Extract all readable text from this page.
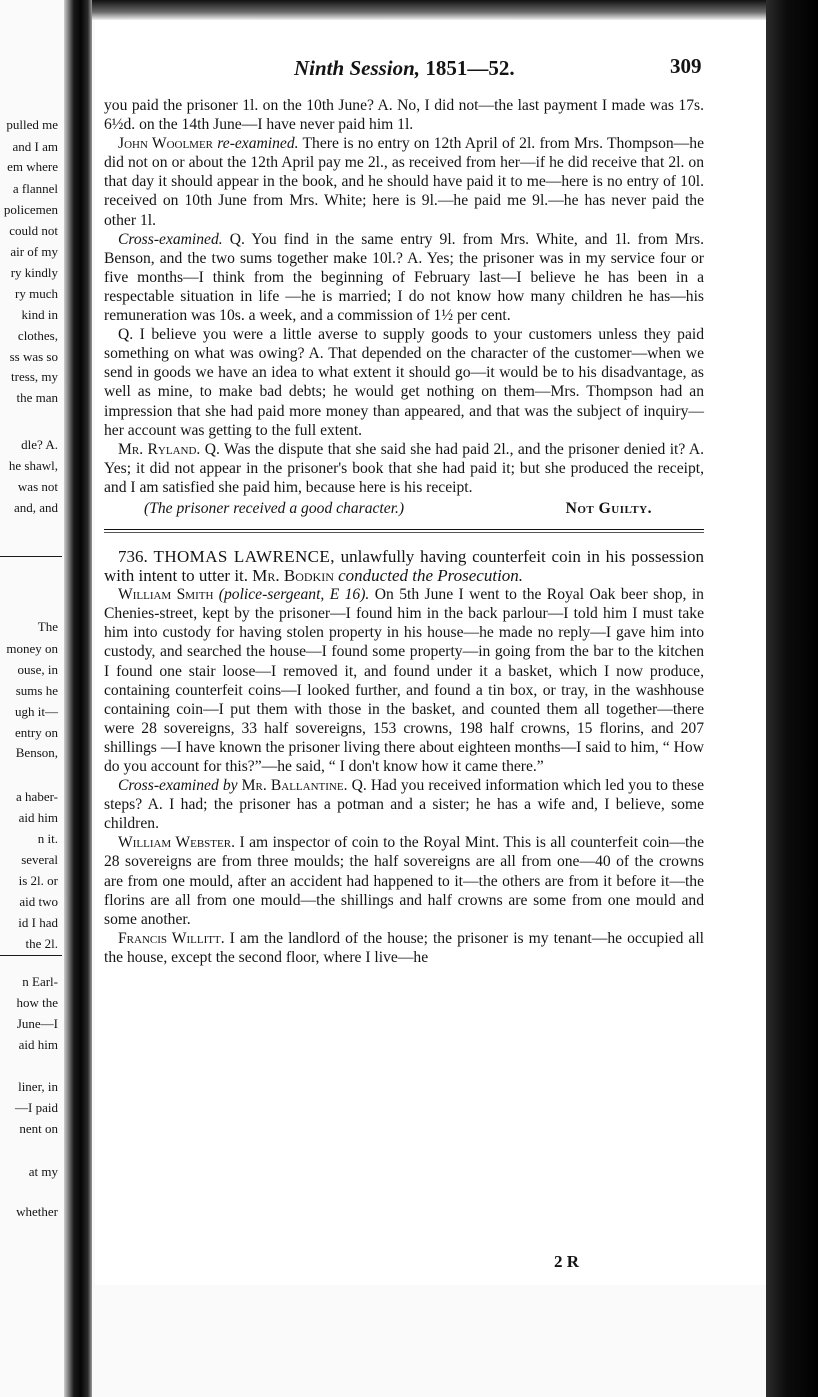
pulled me
and I am
em where
a flannel
policemen
could not
air of my
ry kindly
ry much
kind in
clothes,
ss was so
tress, my
the man
dle? A.
he shawl,
was not
and, and
The
money on
ouse, in
sums he
ugh it—
entry on
Benson,
a haber-
aid him
n it.
several
is 2l. or
aid two
id I had
the 2l.
n Earl-
how the
June—I
aid him
liner, in
—I paid
nent on
at my
whether
Ninth Session, 1851—52.	309

you paid the prisoner 1l. on the 10th June? A. No, I did not—the last payment I made was 17s. 6½d. on the 14th June—I have never paid him 1l.

John Woolmer re-examined. There is no entry on 12th April of 2l. from Mrs. Thompson—he did not on or about the 12th April pay me 2l., as received from her—if he did receive that 2l. on that day it should appear in the book, and he should have paid it to me—here is no entry of 10l. received on 10th June from Mrs. White; here is 9l.—he paid me 9l.—he has never paid the other 1l.

Cross-examined. Q. You find in the same entry 9l. from Mrs. White, and 1l. from Mrs. Benson, and the two sums together make 10l.? A. Yes; the prisoner was in my service four or five months—I think from the beginning of February last—I believe he has been in a respectable situation in life —he is married; I do not know how many children he has—his remuneration was 10s. a week, and a commission of 1½ per cent.

Q. I believe you were a little averse to supply goods to your customers unless they paid something on what was owing? A. That depended on the character of the customer—when we send in goods we have an idea to what extent it should go—it would be to his disadvantage, as well as mine, to make bad debts; he would get nothing on them—Mrs. Thompson had an impression that she had paid more money than appeared, and that was the subject of inquiry—her account was getting to the full extent.

Mr. Ryland. Q. Was the dispute that she said she had paid 2l., and the prisoner denied it? A. Yes; it did not appear in the prisoner's book that she had paid it; but she produced the receipt, and I am satisfied she paid him, because here is his receipt.

(The prisoner received a good character.)	Not Guilty.

736. THOMAS LAWRENCE, unlawfully having counterfeit coin in his possession with intent to utter it. Mr. Bodkin conducted the Prosecution.

William Smith (police-sergeant, E 16). On 5th June I went to the Royal Oak beer shop, in Chenies-street, kept by the prisoner—I found him in the back parlour—I told him I must take him into custody for having stolen property in his house—he made no reply—I gave him into custody, and searched the house—I found some property—in going from the bar to the kitchen I found one stair loose—I removed it, and found under it a basket, which I now produce, containing counterfeit coins—I looked further, and found a tin box, or tray, in the washhouse containing coin—I put them with those in the basket, and counted them all together—there were 28 sovereigns, 33 half sovereigns, 153 crowns, 198 half crowns, 15 florins, and 207 shillings —I have known the prisoner living there about eighteen months—I said to him, “ How do you account for this?”—he said, “ I don't know how it came there.”

Cross-examined by Mr. Ballantine. Q. Had you received information which led you to these steps? A. I had; the prisoner has a potman and a sister; he has a wife and, I believe, some children.

William Webster. I am inspector of coin to the Royal Mint. This is all counterfeit coin—the 28 sovereigns are from three moulds; the half sovereigns are all from one—40 of the crowns are from one mould, after an accident had happened to it—the others are from it before it—the florins are all from one mould—the shillings and half crowns are some from one mould and some another.

Francis Willitt. I am the landlord of the house; the prisoner is my tenant—he occupied all the house, except the second floor, where I live—he

2 R
